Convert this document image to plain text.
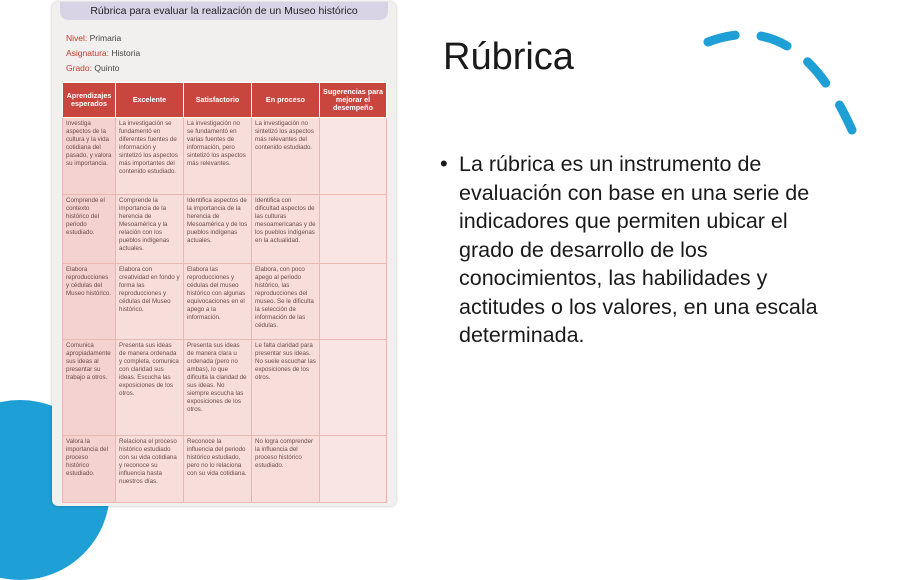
Rúbrica para evaluar la realización de un Museo histórico
Nivel: Primaria
Asignatura: Historia
Grado: Quinto
Aprendizajes esperados	Excelente	Satisfactorio	En proceso	Sugerencias para mejorar el desempeño
Investiga aspectos de la cultura y la vida cotidiana del pasado, y valora su importancia.	La investigación se fundamentó en diferentes fuentes de información y sintetizó los aspectos más importantes del contenido estudiado.	La investigación no se fundamentó en varias fuentes de información, pero sintetizó los aspectos más relevantes.	La investigación no sintetizó los aspectos más relevantes del contenido estudiado.	
Comprende el contexto histórico del periodo estudiado.	Comprende la importancia de la herencia de Mesoamérica y la relación con los pueblos indígenas actuales.	Identifica aspectos de la importancia de la herencia de Mesoamérica y de los pueblos indígenas actuales.	Identifica con dificultad aspectos de las culturas mesoamericanas y de los pueblos indígenas en la actualidad.	
Elabora reproducciones y cédulas del Museo histórico.	Elabora con creatividad en fondo y forma las reproducciones y cédulas del Museo histórico.	Elabora las reproducciones y cédulas del museo histórico con algunas equivocaciones en el apego a la información.	Elabora, con poco apego al periodo histórico, las reproducciones del museo. Se le dificulta la selección de información de las cédulas.	
Comunica apropiadamente sus ideas al presentar su trabajo a otros.	Presenta sus ideas de manera ordenada y completa, comunica con claridad sus ideas. Escucha las exposiciones de los otros.	Presenta sus ideas de manera clara u ordenada (pero no ambas), lo que dificulta la claridad de sus ideas. No siempre escucha las exposiciones de los otros.	Le falta claridad para presentar sus ideas. No suele escuchar las exposiciones de los otros.	
Valora la importancia del proceso histórico estudiado.	Relaciona el proceso histórico estudiado con su vida cotidiana y reconoce su influencia hasta nuestros días.	Reconoce la influencia del periodo histórico estudiado, pero no lo relaciona con su vida cotidiana.	No logra comprender la influencia del proceso histórico estudiado.	
Rúbrica
• La rúbrica es un instrumento de evaluación con base en una serie de indicadores que permiten ubicar el grado de desarrollo de los conocimientos, las habilidades y actitudes o los valores, en una escala determinada.
